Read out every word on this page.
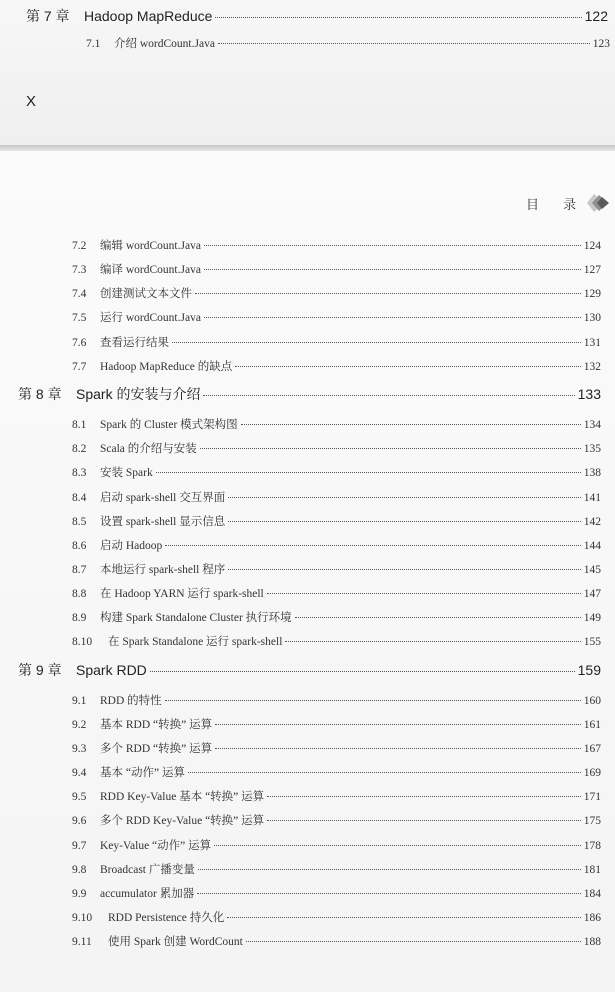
第 7 章	Hadoop MapReduce	122
7.1	介绍 wordCount.Java	123
X
目 录
7.2	编辑 wordCount.Java	124
7.3	编译 wordCount.Java	127
7.4	创建测试文本文件	129
7.5	运行 wordCount.Java	130
7.6	查看运行结果	131
7.7	Hadoop MapReduce 的缺点	132
第 8 章	Spark 的安装与介绍	133
8.1	Spark 的 Cluster 模式架构图	134
8.2	Scala 的介绍与安装	135
8.3	安装 Spark	138
8.4	启动 spark-shell 交互界面	141
8.5	设置 spark-shell 显示信息	142
8.6	启动 Hadoop	144
8.7	本地运行 spark-shell 程序	145
8.8	在 Hadoop YARN 运行 spark-shell	147
8.9	构建 Spark Standalone Cluster 执行环境	149
8.10	在 Spark Standalone 运行 spark-shell	155
第 9 章	Spark RDD	159
9.1	RDD 的特性	160
9.2	基本 RDD “转换” 运算	161
9.3	多个 RDD “转换” 运算	167
9.4	基本 “动作” 运算	169
9.5	RDD Key-Value 基本 “转换” 运算	171
9.6	多个 RDD Key-Value “转换” 运算	175
9.7	Key-Value “动作” 运算	178
9.8	Broadcast 广播变量	181
9.9	accumulator 累加器	184
9.10	RDD Persistence 持久化	186
9.11	使用 Spark 创建 WordCount	188
